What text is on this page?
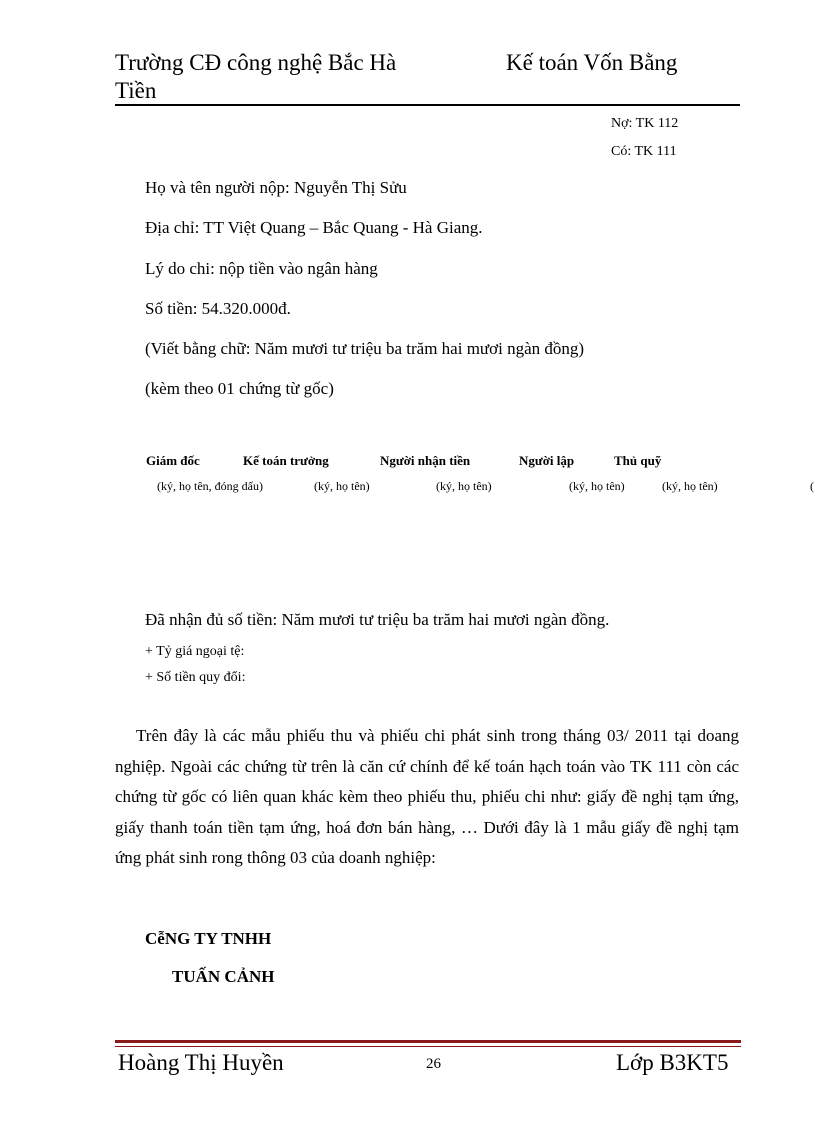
Trường CĐ công nghệ Bắc Hà
Tiền
Kế toán Vốn Bằng
Nợ: TK 112
Có: TK 111
Họ và tên người nộp: Nguyễn Thị Sửu
Địa chỉ: TT Việt Quang – Bắc Quang - Hà Giang.
Lý do chi: nộp tiền vào ngân hàng
Số tiền: 54.320.000đ.
(Viết bằng chữ: Năm mươi tư triệu ba trăm hai mươi ngàn đồng)
(kèm theo 01 chứng từ gốc)
Giám đốc	Kế toán trưởng	Người nhận tiền	Người lập	Thủ quỹ
(ký, họ tên, đóng dấu)	(ký, họ tên)	(ký, họ tên)	(ký, họ tên)	(ký, họ tên)	(
Đã nhận đủ số tiền: Năm mươi tư triệu ba trăm hai mươi ngàn đồng.
+ Tỷ giá ngoại tệ:
+ Số tiền quy đổi:
Trên đây là các mẫu phiếu thu và phiếu chi phát sinh trong tháng 03/ 2011 tại doang nghiệp. Ngoài các chứng từ trên là căn cứ chính để kế toán hạch toán vào TK 111 còn các chứng từ gốc có liên quan khác kèm theo phiếu thu, phiếu chi như: giấy đề nghị tạm ứng, giấy thanh toán tiền tạm ứng, hoá đơn bán hàng, … Dưới đây là 1 mẫu giấy đề nghị tạm ứng phát sinh rong thông 03 của doanh nghiệp:
CễNG TY TNHH
TUẤN CẢNH
Hoàng Thị Huyền	26	Lớp B3KT5
